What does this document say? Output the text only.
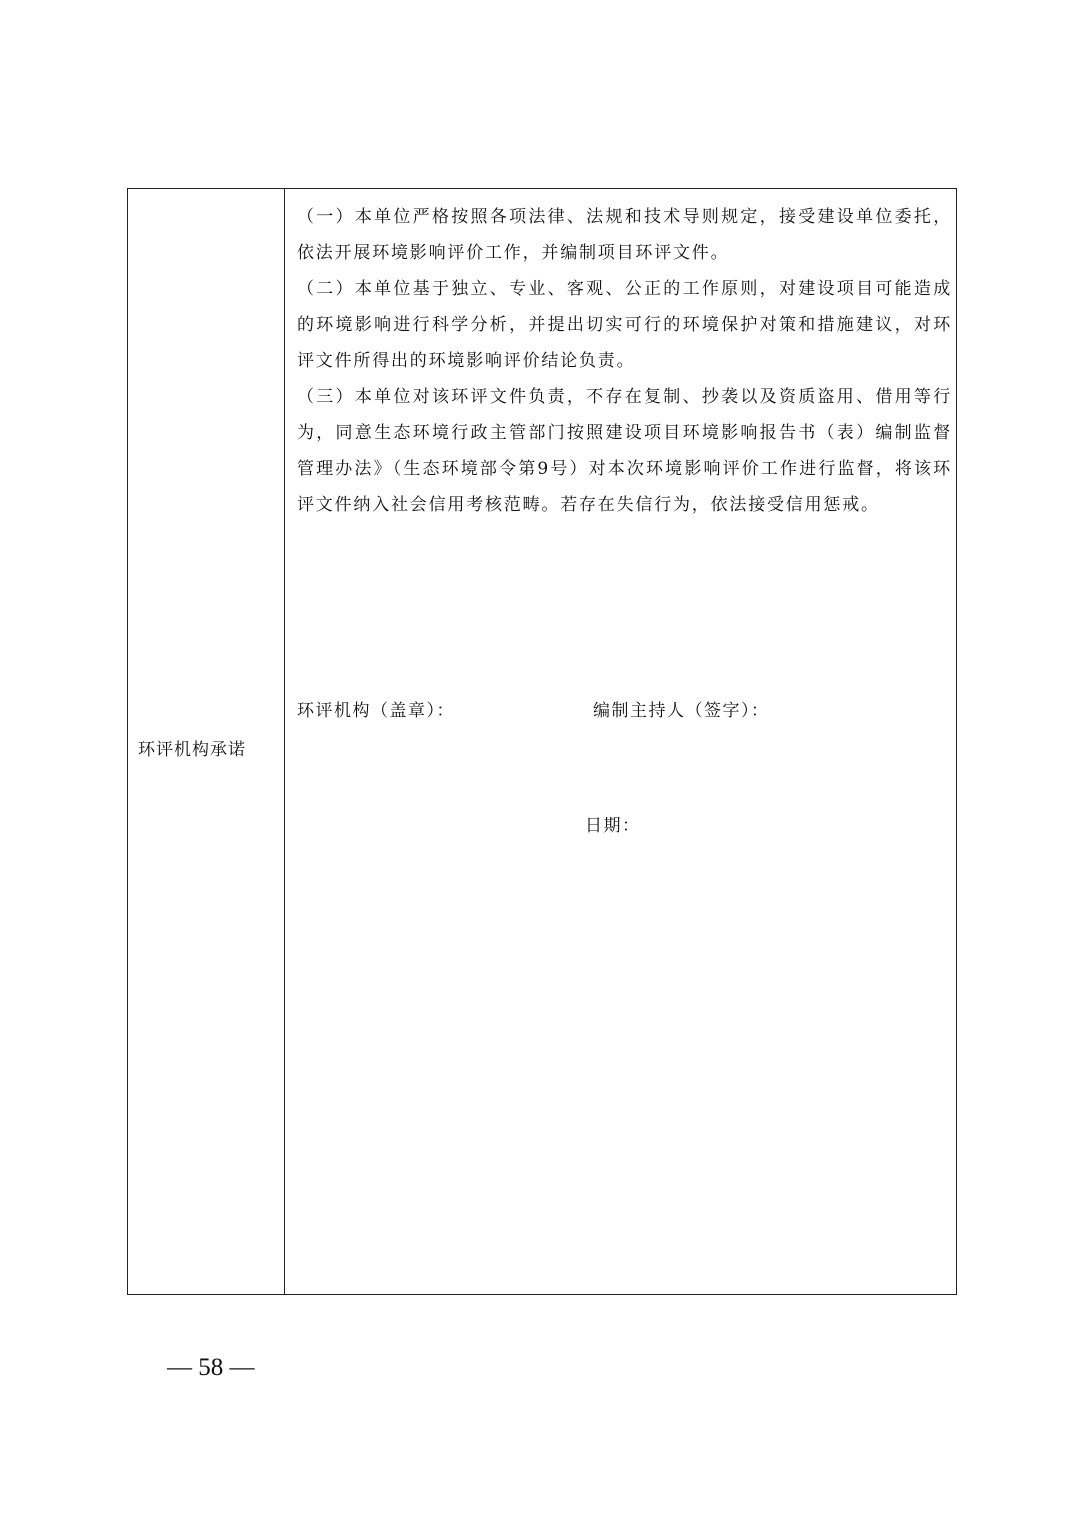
环评机构承诺

（一）本单位严格按照各项法律、法规和技术导则规定，接受建设单位委托，依法开展环境影响评价工作，并编制项目环评文件。

（二）本单位基于独立、专业、客观、公正的工作原则，对建设项目可能造成的环境影响进行科学分析，并提出切实可行的环境保护对策和措施建议，对环评文件所得出的环境影响评价结论负责。

（三）本单位对该环评文件负责，不存在复制、抄袭以及资质盗用、借用等行为，同意生态环境行政主管部门按照建设项目环境影响报告书（表）编制监督管理办法》（生态环境部令第9号）对本次环境影响评价工作进行监督，将该环评文件纳入社会信用考核范畴。若存在失信行为，依法接受信用惩戒。

环评机构（盖章）：	编制主持人（签字）：
日期：
— 58 —
